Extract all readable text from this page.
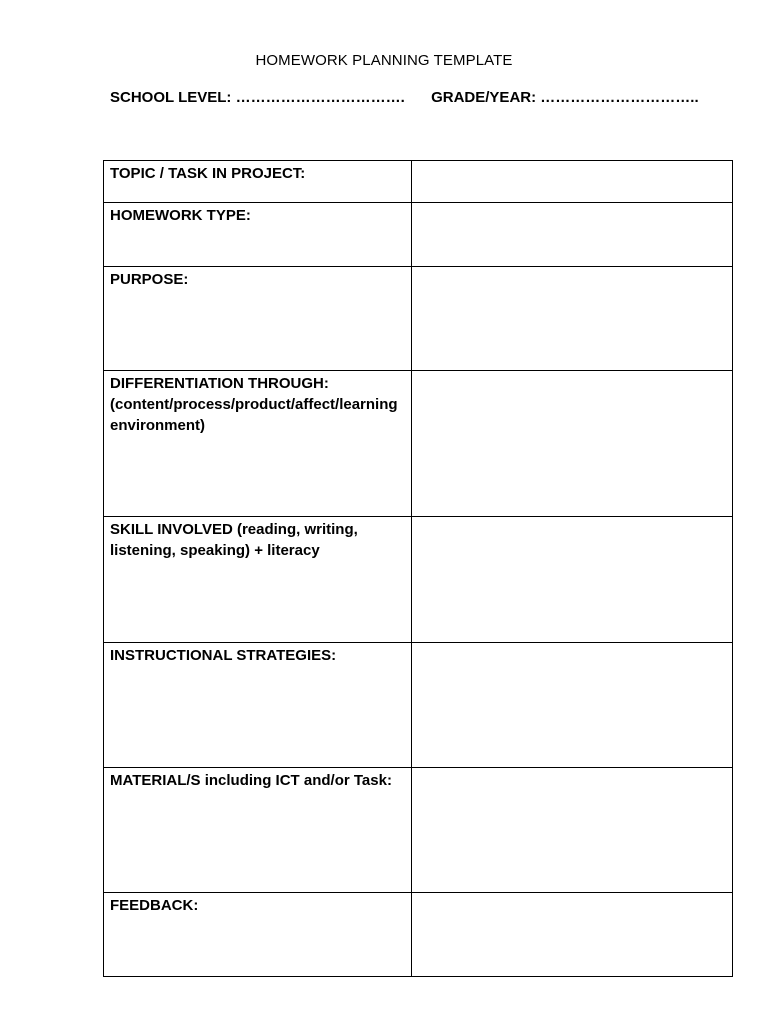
HOMEWORK PLANNING TEMPLATE
SCHOOL LEVEL: ……………………………. GRADE/YEAR: …………………………..
TOPIC / TASK IN PROJECT:	
HOMEWORK TYPE:	
PURPOSE:	
DIFFERENTIATION THROUGH: (content/process/product/affect/learning environment)	
SKILL INVOLVED (reading, writing, listening, speaking) + literacy	
INSTRUCTIONAL STRATEGIES:	
MATERIAL/S including ICT and/or Task:	
FEEDBACK:	
